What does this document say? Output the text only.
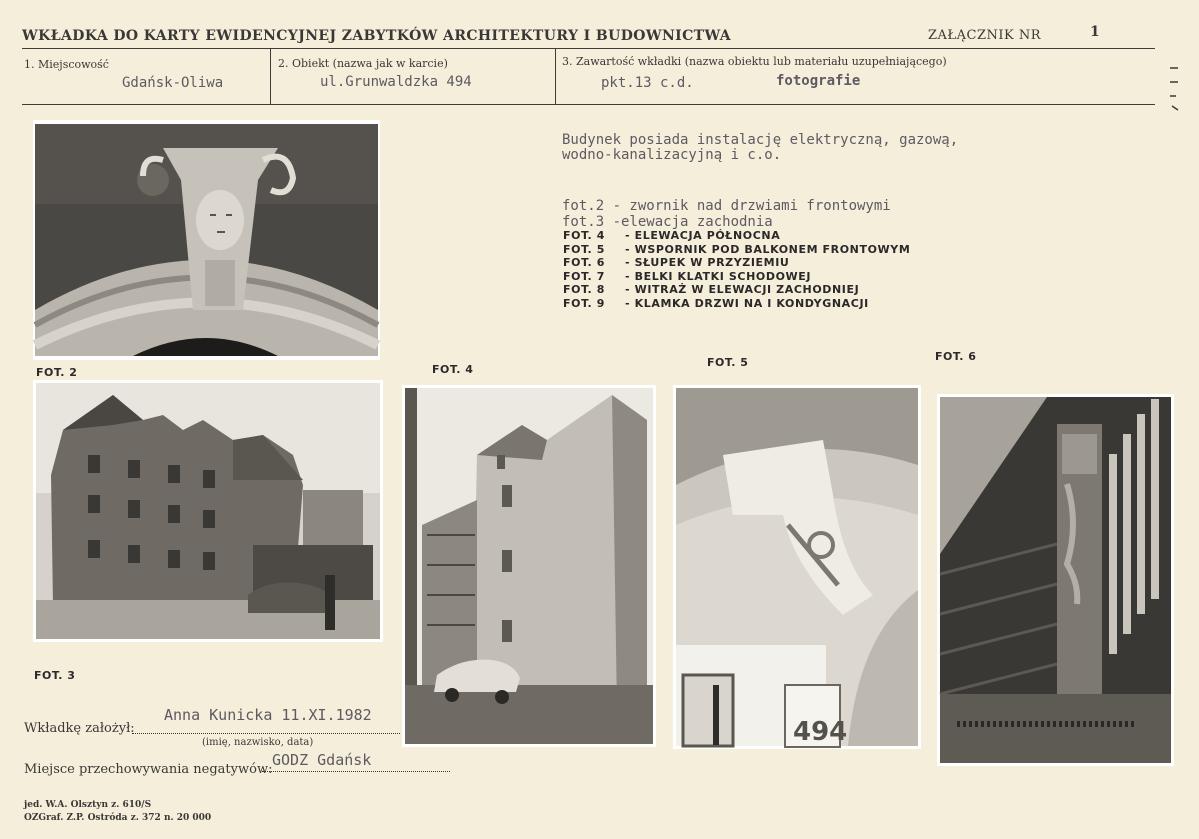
WKŁADKA DO KARTY EWIDENCYJNEJ ZABYTKÓW ARCHITEKTURY I BUDOWNICTWA	ZAŁĄCZNIK NR	1
1. Miejscowość
Gdańsk-Oliwa
2. Obiekt (nazwa jak w karcie)
ul.Grunwaldzka 494
3. Zawartość wkładki (nazwa obiektu lub materiału uzupełniającego)
pkt.13 c.d.	fotografie
Budynek posiada instalację elektryczną, gazową,
wodno-kanalizacyjną i c.o.
fot.2 - zwornik nad drzwiami frontowymi
fot.3 -elewacja zachodnia
FOT. 4	- ELEWACJA PÓŁNOCNA
FOT. 5	- WSPORNIK POD BALKONEM FRONTOWYM
FOT. 6	- SŁUPEK W PRZYZIEMIU
FOT. 7	- BELKI KLATKI SCHODOWEJ
FOT. 8	- WITRAŻ W ELEWACJI ZACHODNIEJ
FOT. 9	- KLAMKA DRZWI NA I KONDYGNACJI
FOT. 2
FOT. 3
FOT. 4
FOT. 5
494
FOT. 6
Wkładkę założył:
Anna Kunicka 11.XI.1982
(imię, nazwisko, data)
Miejsce przechowywania negatywów:
GODZ Gdańsk
jed. W.A. Olsztyn z. 610/S
OZGraf. Z.P. Ostróda z. 372 n. 20 000
